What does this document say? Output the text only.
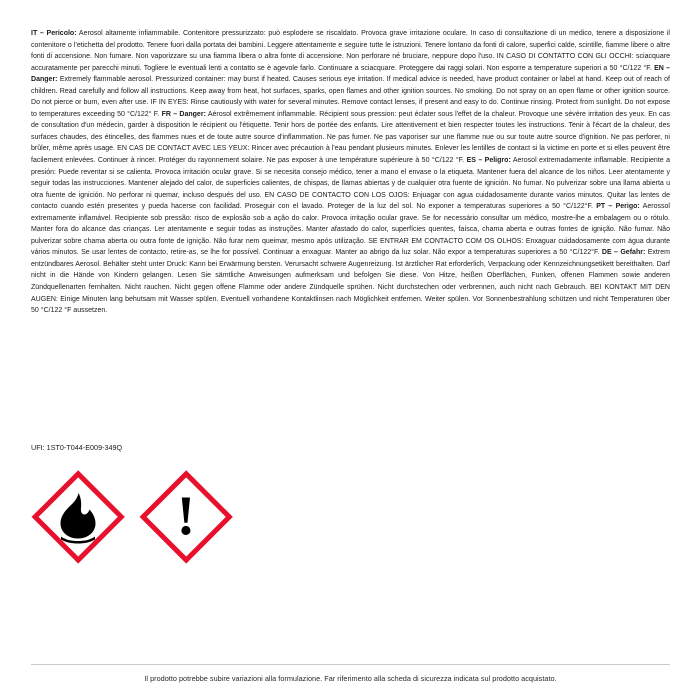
IT – Pericolo: Aerosol altamente infiammabile. Contenitore pressurizzato: può esplodere se riscaldato. Provoca grave irritazione oculare. In caso di consultazione di un medico, tenere a disposizione il contenitore o l'etichetta del prodotto. Tenere fuori dalla portata dei bambini. Leggere attentamente e seguire tutte le istruzioni. Tenere lontano da fonti di calore, superfici calde, scintille, fiamme libere o altre fonti di accensione. Non fumare. Non vaporizzare su una fiamma libera o altra fonte di accensione. Non perforare né bruciare, neppure dopo l'uso. IN CASO DI CONTATTO CON GLI OCCHI: sciacquare accuratamente per parecchi minuti. Togliere le eventuali lenti a contatto se è agevole farlo. Continuare a sciacquare. Proteggere dai raggi solari. Non esporre a temperature superiori a 50 °C/122 °F. EN – Danger: Extremely flammable aerosol. Pressurized container: may burst if heated. Causes serious eye irritation. If medical advice is needed, have product container or label at hand. Keep out of reach of children. Read carefully and follow all instructions. Keep away from heat, hot surfaces, sparks, open flames and other ignition sources. No smoking. Do not spray on an open flame or other ignition source. Do not pierce or burn, even after use. IF IN EYES: Rinse cautiously with water for several minutes. Remove contact lenses, if present and easy to do. Continue rinsing. Protect from sunlight. Do not expose to temperatures exceeding 50 °C/122° F. FR – Danger: Aérosol extrêmement inflammable. Récipient sous pression: peut éclater sous l'effet de la chaleur. Provoque une sévère irritation des yeux. En cas de consultation d'un médecin, garder à disposition le récipient ou l'étiquette. Tenir hors de portée des enfants. Lire attentivement et bien respecter toutes les instructions. Tenir à l'écart de la chaleur, des surfaces chaudes, des étincelles, des flammes nues et de toute autre source d'inflammation. Ne pas fumer. Ne pas vaporiser sur une flamme nue ou sur toute autre source d'ignition. Ne pas perforer, ni brûler, même après usage. EN CAS DE CONTACT AVEC LES YEUX: Rincer avec précaution à l'eau pendant plusieurs minutes. Enlever les lentilles de contact si la victime en porte et si elles peuvent être facilement enlevées. Continuer à rincer. Protéger du rayonnement solaire. Ne pas exposer à une température supérieure à 50 °C/122 °F. ES – Peligro: Aerosol extremadamente inflamable. Recipiente a presión: Puede reventar si se calienta. Provoca irritación ocular grave. Si se necesita consejo médico, tener a mano el envase o la etiqueta. Mantener fuera del alcance de los niños. Leer atentamente y seguir todas las instrucciones. Mantener alejado del calor, de superficies calientes, de chispas, de llamas abiertas y de cualquier otra fuente de ignición. No fumar. No pulverizar sobre una llama abierta u otra fuente de ignición. No perforar ni quemar, incluso después del uso. EN CASO DE CONTACTO CON LOS OJOS: Enjuagar con agua cuidadosamente durante varios minutos. Quitar las lentes de contacto cuando estén presentes y pueda hacerse con facilidad. Proseguir con el lavado. Proteger de la luz del sol. No exponer a temperaturas superiores a 50 °C/122°F. PT – Perigo: Aerossol extremamente inflamável. Recipiente sob pressão: risco de explosão sob a ação do calor. Provoca irritação ocular grave. Se for necessário consultar um médico, mostre-lhe a embalagem ou o rótulo. Manter fora do alcance das crianças. Ler atentamente e seguir todas as instruções. Manter afastado do calor, superfícies quentes, faísca, chama aberta e outras fontes de ignição. Não fumar. Não pulverizar sobre chama aberta ou outra fonte de ignição. Não furar nem queimar, mesmo após utilização. SE ENTRAR EM CONTACTO COM OS OLHOS: Enxaguar cuidadosamente com água durante vários minutos. Se usar lentes de contacto, retire-as, se lhe for possível. Continuar a enxaguar. Manter ao abrigo da luz solar. Não expor a temperaturas superiores a 50 °C/122°F. DE – Gefahr: Extrem entzündbares Aerosol. Behälter steht unter Druck: Kann bei Erwärmung bersten. Verursacht schwere Augenreizung. Ist ärztlicher Rat erforderlich, Verpackung oder Kennzeichnungsetikett bereithalten. Darf nicht in die Hände von Kindern gelangen. Lesen Sie sämtliche Anweisungen aufmerksam und befolgen Sie diese. Von Hitze, heißen Oberflächen, Funken, offenen Flammen sowie anderen Zündquellenarten fernhalten. Nicht rauchen. Nicht gegen offene Flamme oder andere Zündquelle sprühen. Nicht durchstechen oder verbrennen, auch nicht nach Gebrauch. BEI KONTAKT MIT DEN AUGEN: Einige Minuten lang behutsam mit Wasser spülen. Eventuell vorhandene Kontaktlinsen nach Möglichkeit entfernen. Weiter spülen. Vor Sonnenbestrahlung schützen und nicht Temperaturen über 50 °C/122 °F aussetzen.

UFI: 1ST0-T044-E009-349Q
!
Il prodotto potrebbe subire variazioni alla formulazione. Far riferimento alla scheda di sicurezza indicata sul prodotto acquistato.
